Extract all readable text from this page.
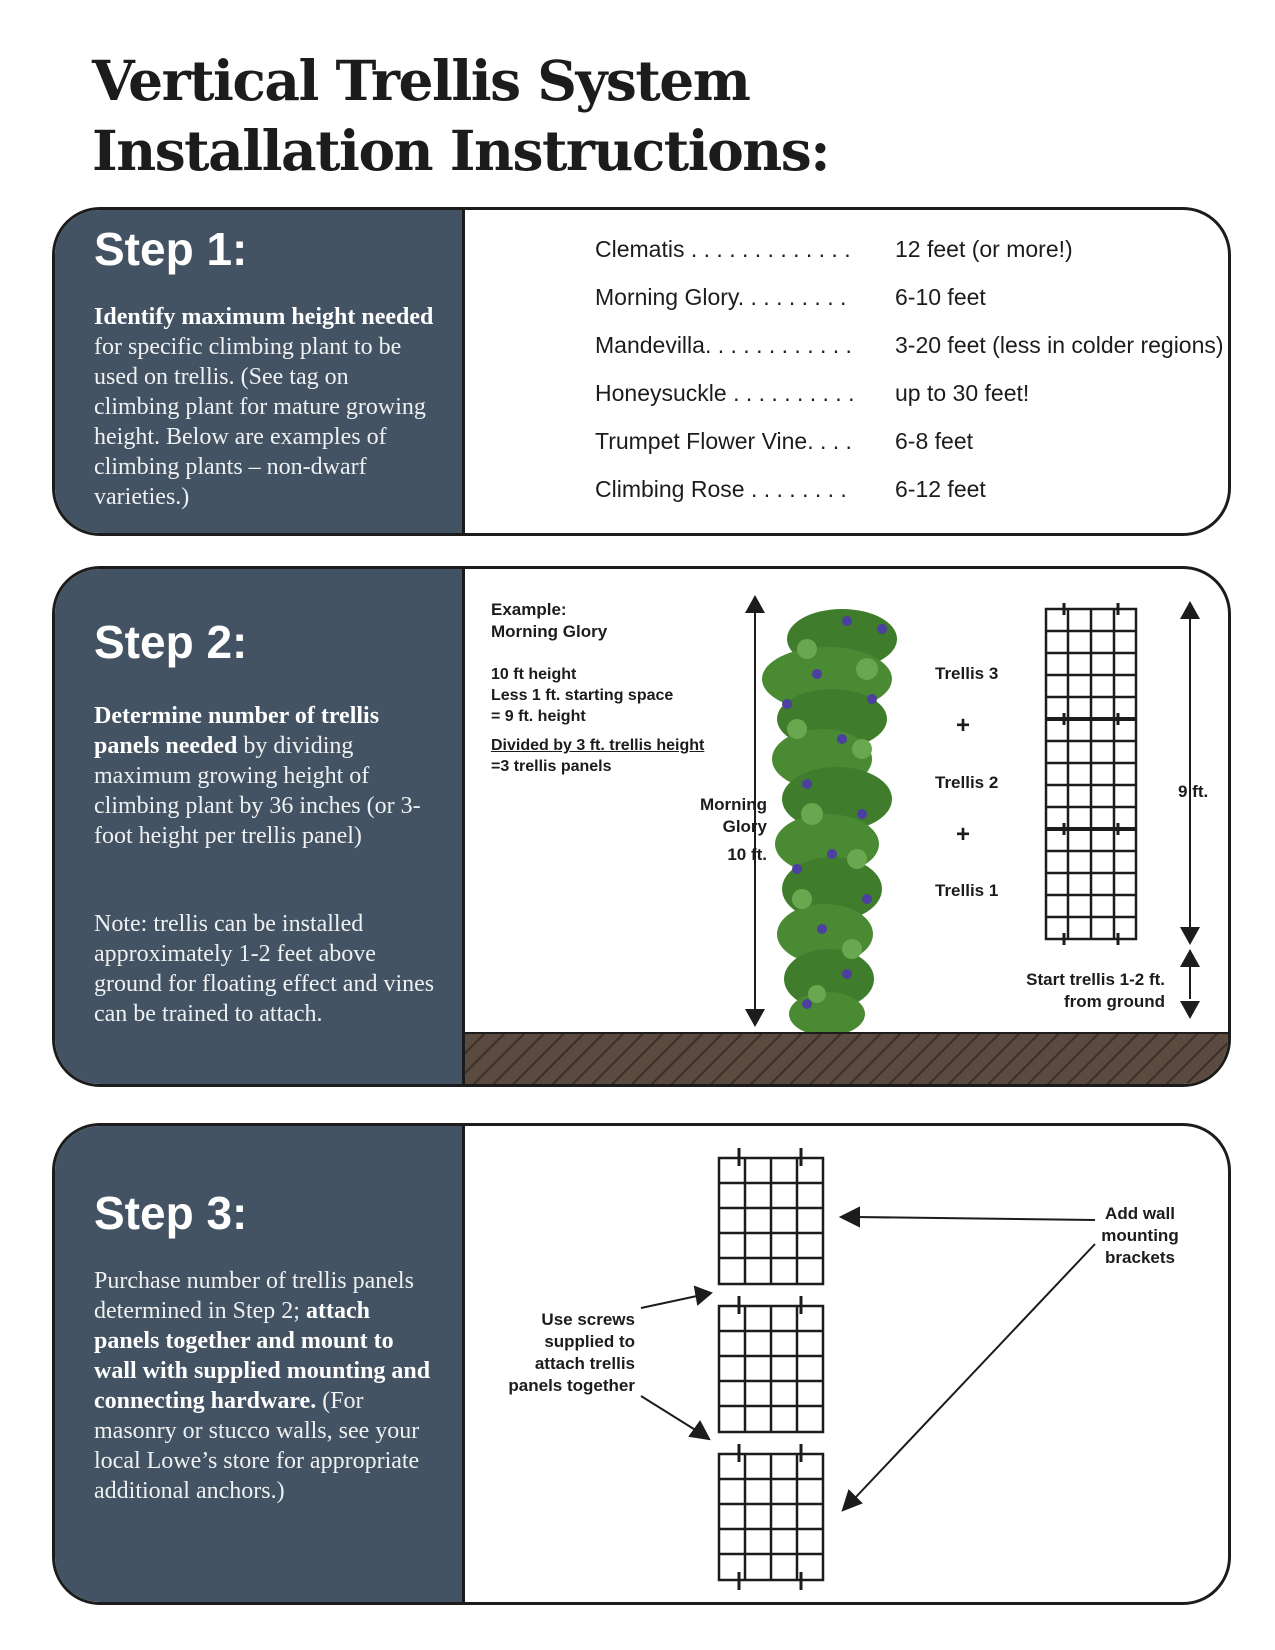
Vertical Trellis System
Installation Instructions:
Step 1:

Identify maximum height needed for specific climbing plant to be used on trellis. (See tag on climbing plant for mature growing height. Below are examples of climbing plants – non-dwarf varieties.)

Clematis . . . . . . . . . . . . . 12 feet (or more!)
Morning Glory. . . . . . . . . 6-10 feet
Mandevilla. . . . . . . . . . . . 3-20 feet (less in colder regions)
Honeysuckle . . . . . . . . . . up to 30 feet!
Trumpet Flower Vine. . . . 6-8 feet
Climbing Rose . . . . . . . . 6-12 feet
Step 2:

Determine number of trellis panels needed by dividing maximum growing height of climbing plant by 36 inches (or 3-foot height per trellis panel)

Note: trellis can be installed approximately 1-2 feet above ground for floating effect and vines can be trained to attach.

Example:
Morning Glory
10 ft height
Less 1 ft. starting space
= 9 ft. height
Divided by 3 ft. trellis height
=3 trellis panels
Morning
Glory
10 ft.
Trellis 3
+
Trellis 2
+
Trellis 1
9 ft.
Start trellis 1-2 ft.
from ground
Step 3:

Purchase number of trellis panels determined in Step 2; attach panels together and mount to wall with supplied mounting and connecting hardware. (For masonry or stucco walls, see your local Lowe’s store for appropriate additional anchors.)

Add wall
mounting
brackets
Use screws
supplied to
attach trellis
panels together
